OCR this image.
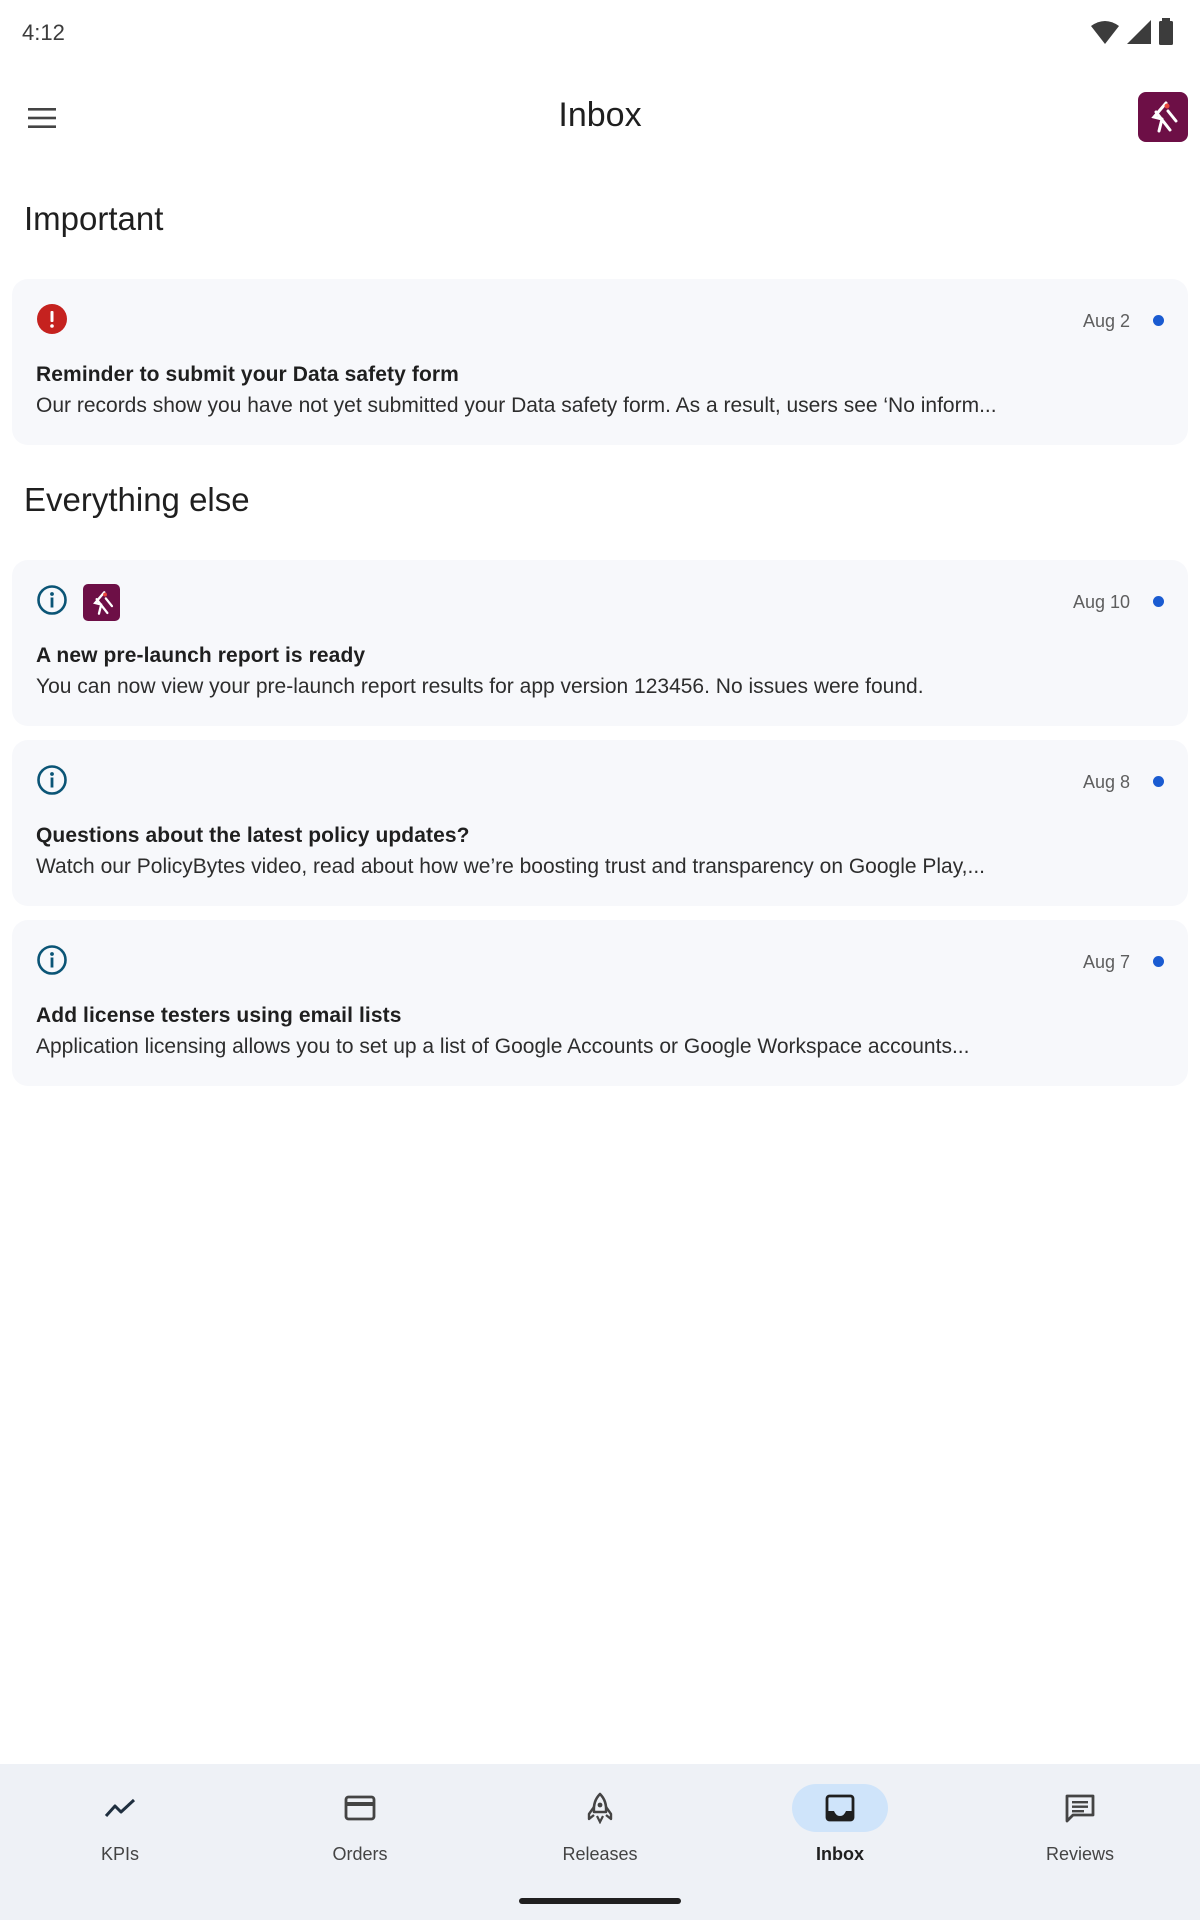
4:12
Inbox
Important
Aug 2
Reminder to submit your Data safety form
Our records show you have not yet submitted your Data safety form. As a result, users see ‘No inform...
Everything else
Aug 10
A new pre-launch report is ready
You can now view your pre-launch report results for app version 123456. No issues were found.
Aug 8
Questions about the latest policy updates?
Watch our PolicyBytes video, read about how we’re boosting trust and transparency on Google Play,...
Aug 7
Add license testers using email lists
Application licensing allows you to set up a list of Google Accounts or Google Workspace accounts...
KPIs	Orders	Releases	Inbox	Reviews
